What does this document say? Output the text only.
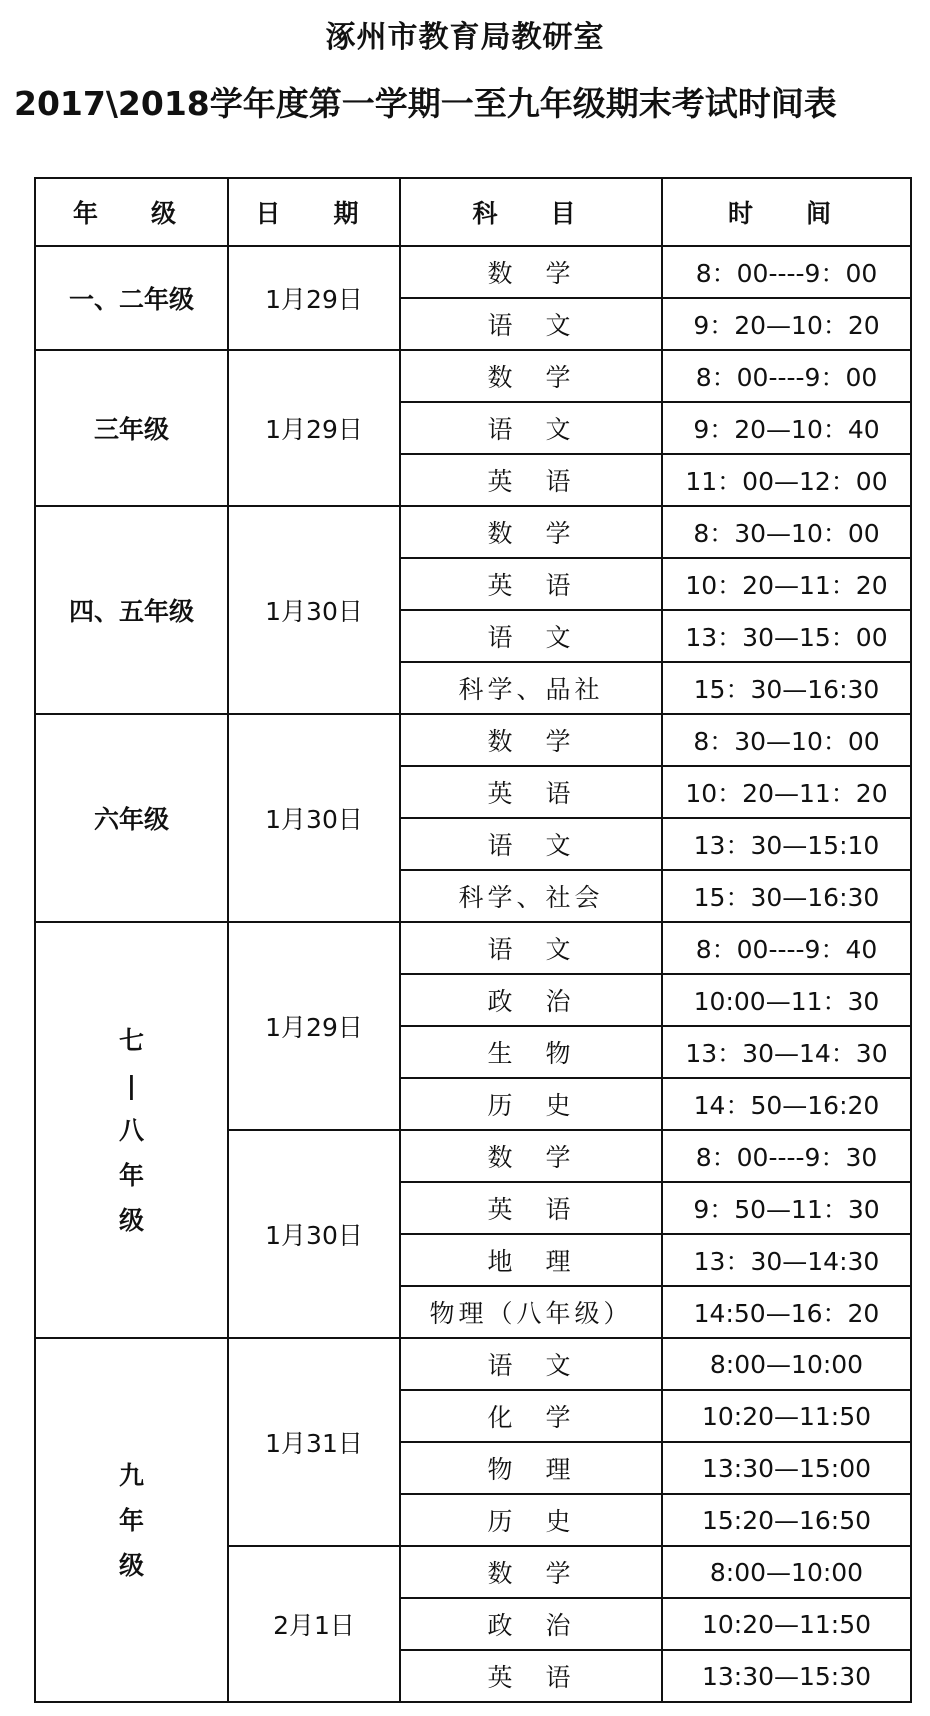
涿州市教育局教研室
2017\2018学年度第一学期一至九年级期末考试时间表
年　级	日　期	科　目	时　间
一、二年级	1月29日	数　学	8：00----9：00
		语　文	9：20—10：20
三年级	1月29日	数　学	8：00----9：00
		语　文	9：20—10：40
		英　语	11：00—12：00
四、五年级	1月30日	数　学	8：30—10：00
		英　语	10：20—11：20
		语　文	13：30—15：00
		科学、品社	15：30—16:30
六年级	1月30日	数　学	8：30—10：00
		英　语	10：20—11：20
		语　文	13：30—15:10
		科学、社会	15：30—16:30

七
|
八
年
级	1月29日	语　文	8：00----9：40
		政　治	10:00—11：30
		生　物	13：30—14：30
		历　史	14：50—16:20
	1月30日	数　学	8：00----9：30
		英　语	9：50—11：30
		地　理	13：30—14:30
		物理（八年级）	14:50—16：20

九
年
级	1月31日	语　文	8:00—10:00
		化　学	10:20—11:50
		物　理	13:30—15:00
		历　史	15:20—16:50
	2月1日	数　学	8:00—10:00
		政　治	10:20—11:50
		英　语	13:30—15:30
